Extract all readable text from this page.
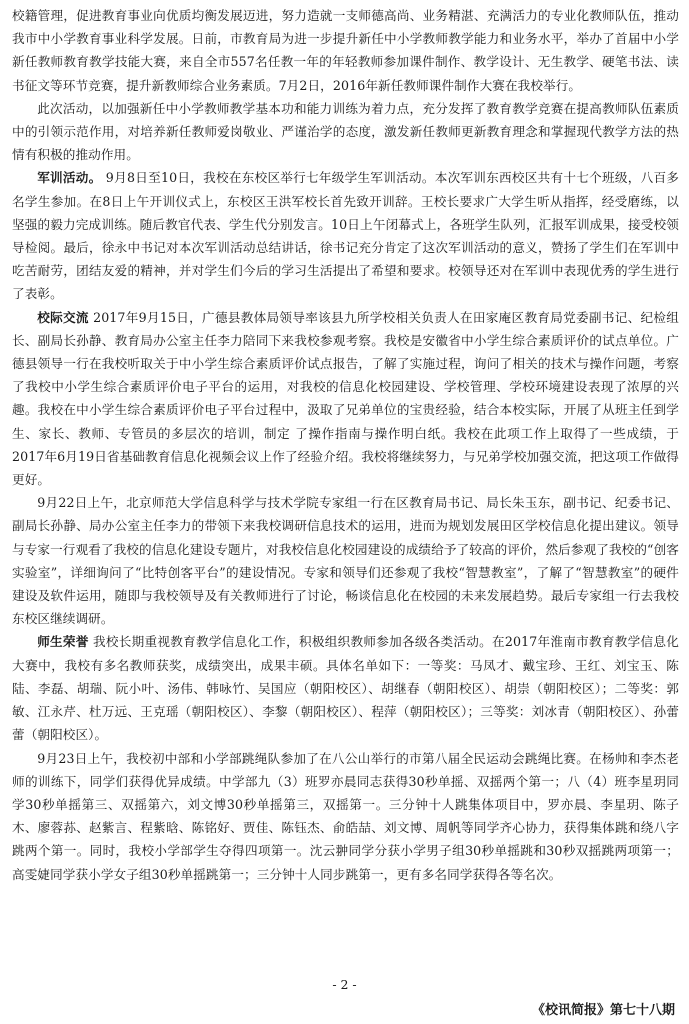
校籍管理，促进教育事业向优质均衡发展迈进，努力造就一支师德高尚、业务精湛、充满活力的专业化教师队伍，推动我市中小学教育事业科学发展。日前，市教育局为进一步提升新任中小学教师教学能力和业务水平，举办了首届中小学新任教师教育教学技能大赛，来自全市557名任教一年的年轻教师参加课件制作、教学设计、无生教学、硬笔书法、读书征文等环节竞赛，提升新教师综合业务素质。7月2日，2016年新任教师课件制作大赛在我校举行。

此次活动，以加强新任中小学教师教学基本功和能力训练为着力点，充分发挥了教育教学竞赛在提高教师队伍素质中的引领示范作用，对培养新任教师爱岗敬业、严谨治学的态度，激发新任教师更新教育理念和掌握现代教学方法的热情有积极的推动作用。

军训活动。 9月8日至10日，我校在东校区举行七年级学生军训活动。本次军训东西校区共有十七个班级，八百多名学生参加。在8日上午开训仪式上，东校区王洪军校长首先致开训辞。王校长要求广大学生听从指挥，经受磨练，以坚强的毅力完成训练。随后教官代表、学生代分别发言。10日上午闭幕式上，各班学生队列，汇报军训成果，接受校领导检阅。最后，徐永中书记对本次军训活动总结讲话，徐书记充分肯定了这次军训活动的意义，赞扬了学生们在军训中吃苦耐劳，团结友爱的精神，并对学生们今后的学习生活提出了希望和要求。校领导还对在军训中表现优秀的学生进行了表彰。

校际交流 2017年9月15日，广德县教体局领导率该县九所学校相关负责人在田家庵区教育局党委副书记、纪检组长、副局长孙静、教育局办公室主任李力陪同下来我校参观考察。我校是安徽省中小学生综合素质评价的试点单位。广德县领导一行在我校听取关于中小学生综合素质评价试点报告，了解了实施过程，询问了相关的技术与操作问题，考察了我校中小学生综合素质评价电子平台的运用，对我校的信息化校园建设、学校管理、学校环境建设表现了浓厚的兴趣。我校在中小学生综合素质评价电子平台过程中，汲取了兄弟单位的宝贵经验，结合本校实际，开展了从班主任到学生、家长、教师、专管员的多层次的培训，制定 了操作指南与操作明白纸。我校在此项工作上取得了一些成绩，于2017年6月19日省基础教育信息化视频会议上作了经验介绍。我校将继续努力，与兄弟学校加强交流，把这项工作做得更好。

9月22日上午，北京师范大学信息科学与技术学院专家组一行在区教育局书记、局长朱玉东，副书记、纪委书记、副局长孙静、局办公室主任李力的带领下来我校调研信息技术的运用，进而为规划发展田区学校信息化提出建议。领导与专家一行观看了我校的信息化建设专题片，对我校信息化校园建设的成绩给予了较高的评价，然后参观了我校的“创客实验室”，详细询问了“比特创客平台”的建设情况。专家和领导们还参观了我校“智慧教室”，了解了“智慧教室”的硬件建设及软件运用，随即与我校领导及有关教师进行了讨论，畅谈信息化在校园的未来发展趋势。最后专家组一行去我校东校区继续调研。

师生荣誉 我校长期重视教育教学信息化工作，积极组织教师参加各级各类活动。在2017年淮南市教育教学信息化大赛中，我校有多名教师获奖，成绩突出，成果丰硕。具体名单如下：一等奖：马凤才、戴宝珍、王红、刘宝玉、陈陆、李磊、胡瑞、阮小叶、汤伟、韩咏竹、吴国应（朝阳校区）、胡继春（朝阳校区）、胡崇（朝阳校区）；二等奖：郭敏、江永芹、杜万远、王克瑶（朝阳校区）、李黎（朝阳校区）、程萍（朝阳校区）；三等奖：刘冰青（朝阳校区）、孙蕾蕾（朝阳校区）。

9月23日上午，我校初中部和小学部跳绳队参加了在八公山举行的市第八届全民运动会跳绳比赛。在杨帅和李杰老师的训练下，同学们获得优异成绩。中学部九（3）班罗亦晨同志获得30秒单摇、双摇两个第一；八（4）班李星玥同学30秒单摇第三、双摇第六，刘文博30秒单摇第三，双摇第一。三分钟十人跳集体项目中，罗亦晨、李星玥、陈子木、廖蓉荪、赵紫言、程紫晗、陈铭好、贾佳、陈钰杰、俞皓喆、刘文博、周帆等同学齐心协力，获得集体跳和绕八字跳两个第一。同时，我校小学部学生夺得四项第一。沈云翀同学分获小学男子组30秒单摇跳和30秒双摇跳两项第一；高雯婕同学获小学女子组30秒单摇跳第一；三分钟十人同步跳第一，更有多名同学获得各等名次。

- 2 -
《校讯简报》第七十八期
